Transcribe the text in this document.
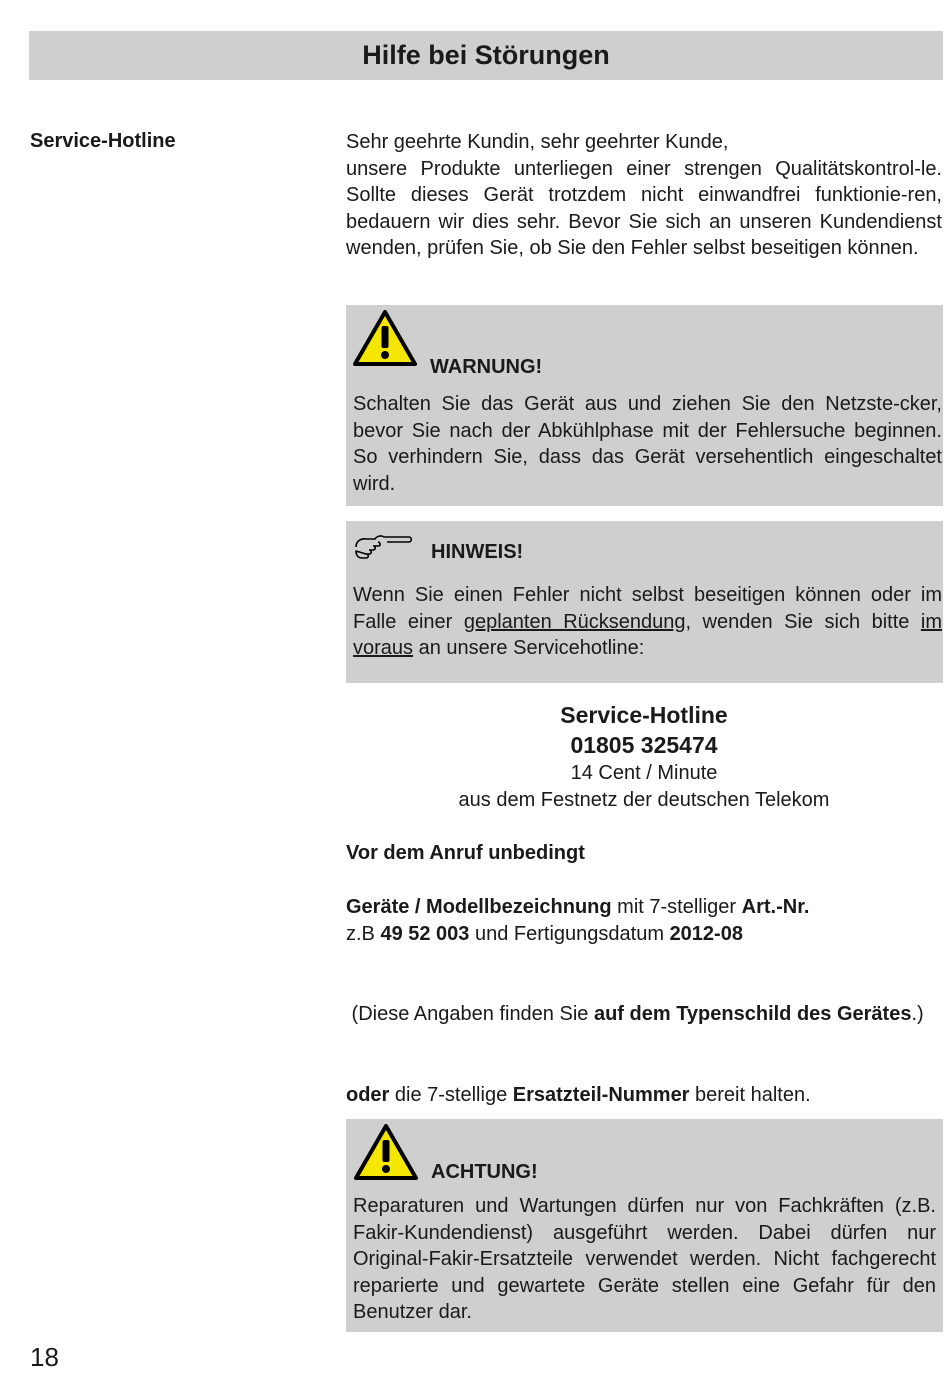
Hilfe bei Störungen
Service-Hotline	Sehr geehrte Kundin, sehr geehrter Kunde,
unsere Produkte unterliegen einer strengen Qualitätskontrol-le. Sollte dieses Gerät trotzdem nicht einwandfrei funktionie-ren, bedauern wir dies sehr. Bevor Sie sich an unseren Kundendienst wenden, prüfen Sie, ob Sie den Fehler selbst beseitigen können.
WARNUNG!
Schalten Sie das Gerät aus und ziehen Sie den Netzste-cker, bevor Sie nach der Abkühlphase mit der Fehlersuche beginnen. So verhindern Sie, dass das Gerät versehentlich eingeschaltet wird.
HINWEIS!
Wenn Sie einen Fehler nicht selbst beseitigen können oder im Falle einer geplanten Rücksendung, wenden Sie sich bitte im voraus an unsere Servicehotline:
Service-Hotline
01805 325474
14 Cent / Minute
aus dem Festnetz der deutschen Telekom
Vor dem Anruf unbedingt
Geräte / Modellbezeichnung mit 7-stelliger Art.-Nr.
z.B 49 52 003 und Fertigungsdatum 2012-08
(Diese Angaben finden Sie auf dem Typenschild des Gerätes.)
oder die 7-stellige Ersatzteil-Nummer bereit halten.
ACHTUNG!
Reparaturen und Wartungen dürfen nur von Fachkräften (z.B. Fakir-Kundendienst) ausgeführt werden. Dabei dürfen nur Original-Fakir-Ersatzteile verwendet werden. Nicht fachgerecht reparierte und gewartete Geräte stellen eine Gefahr für den Benutzer dar.
18
